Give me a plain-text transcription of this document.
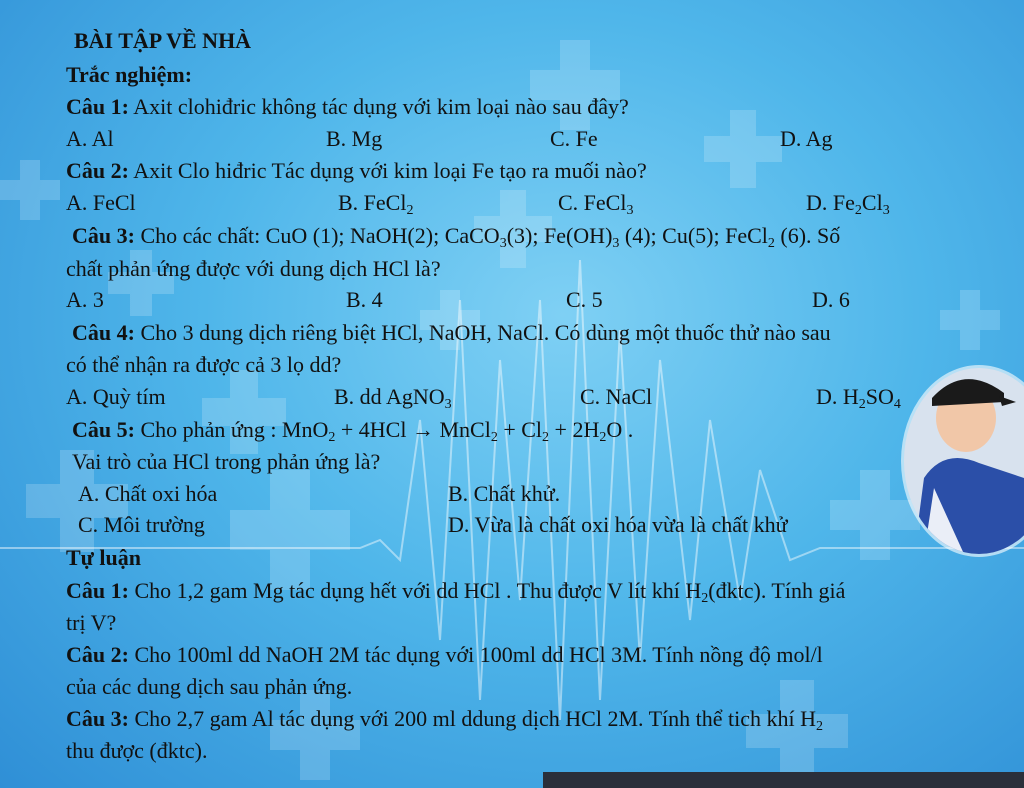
BÀI TẬP VỀ NHÀ
Trắc nghiệm:
Câu 1: Axit clohiđric không tác dụng với kim loại nào sau đây?
A. Al	B. Mg	C. Fe	D. Ag
Câu 2: Axit Clo hiđric Tác dụng với kim loại Fe tạo ra muối nào?
A. FeCl	B. FeCl$_2$	C. FeCl$_3$	D. $Fe_2Cl_3$
Câu 3: Cho các chất: CuO (1); NaOH(2); CaCO$_3$(3); $Fe(OH)_3$ (4); Cu(5); FeCl$_2$ (6). Số
chất phản ứng được với dung dịch HCl là?
A. 3	B. 4	C. 5	D. 6
Câu 4: Cho 3 dung dịch riêng biệt HCl, NaOH, NaCl. Có dùng một thuốc thử nào sau
có thể nhận ra được cả 3 lọ dd?
A. Quỳ tím	B. dd AgNO$_3$	C. NaCl	D. $H_2SO_4$
Câu 5: Cho phản ứng : MnO$_2$ + 4HCl → MnCl$_2$ + $Cl_2 + 2H_2O$ .
Vai trò của HCl trong phản ứng là?
A. Chất oxi hóa	B. Chất khử.
C. Môi trường	D. Vừa là chất oxi hóa vừa là chất khử
Tự luận
Câu 1: Cho 1,2 gam Mg tác dụng hết với dd HCl . Thu được V lít khí $H_2(đktc)$. Tính giá
trị V?
Câu 2: Cho 100ml dd NaOH 2M tác dụng với 100ml dd HCl 3M. Tính nồng độ mol/l
của các dung dịch sau phản ứng.
Câu 3: Cho 2,7 gam Al tác dụng với 200 ml ddung dịch HCl 2M. Tính thể tich khí $H_2$
thu được (đktc).
